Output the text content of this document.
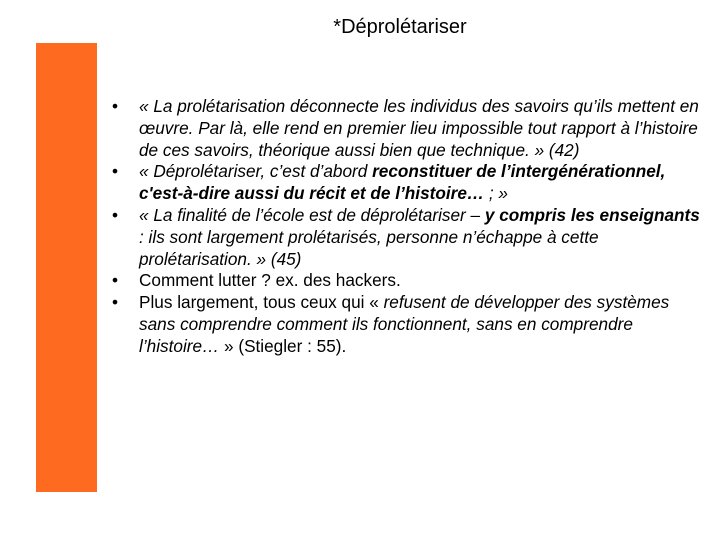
*Déprolétariser
• « La prolétarisation déconnecte les individus des savoirs qu’ils mettent en œuvre. Par là, elle rend en premier lieu impossible tout rapport à l’histoire de ces savoirs, théorique aussi bien que technique. » (42)
• « Déprolétariser, c’est d’abord reconstituer de l’intergénérationnel, c'est-à-dire aussi du récit et de l’histoire… ; »
• « La finalité de l’école est de déprolétariser – y compris les enseignants : ils sont largement prolétarisés, personne n’échappe à cette prolétarisation. » (45)
• Comment lutter ? ex. des hackers.
• Plus largement, tous ceux qui « refusent de développer des systèmes sans comprendre comment ils fonctionnent, sans en comprendre l’histoire… » (Stiegler : 55).
